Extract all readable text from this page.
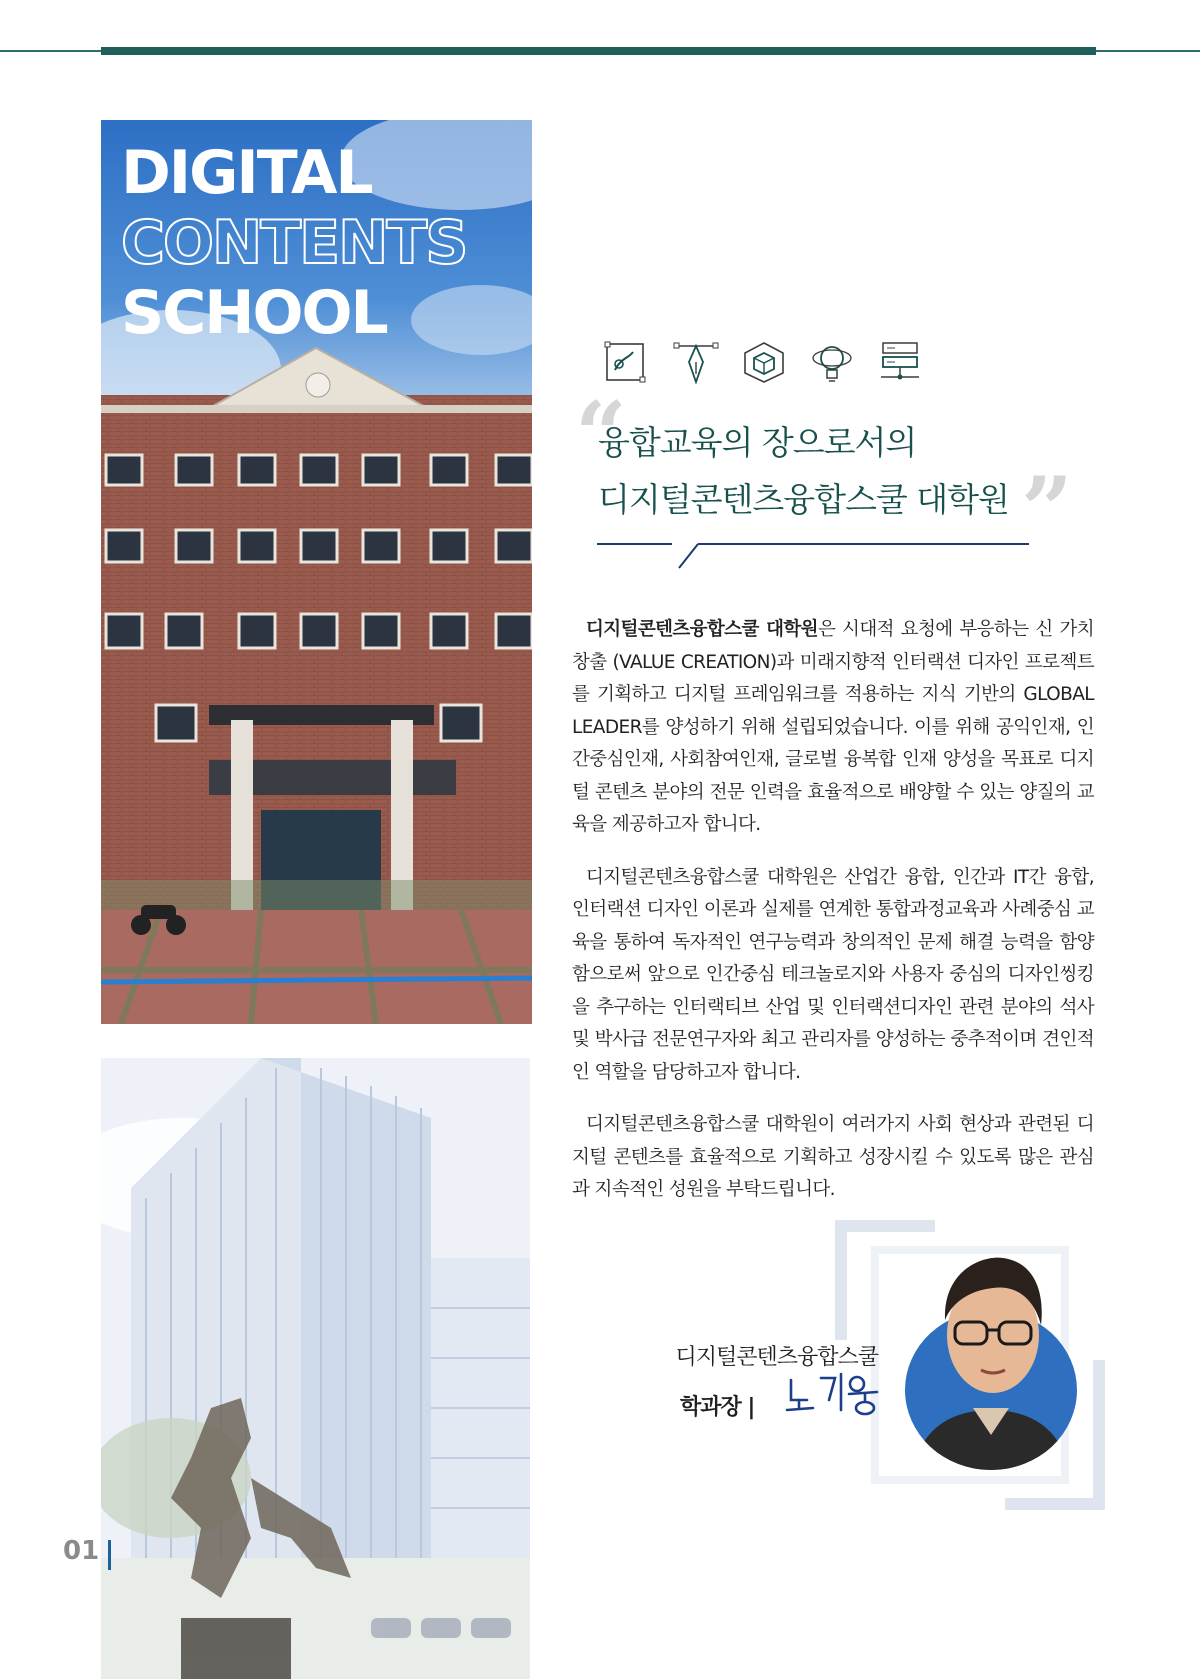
DIGITAL
CONTENTS
SCHOOL
01
“
융합교육의 장으로서의
디지털콘텐츠융합스쿨 대학원 ”

디지털콘텐츠융합스쿨 대학원은 시대적 요청에 부응하는 신 가치 창출 (VALUE CREATION)과 미래지향적 인터랙션 디자인 프로젝트를 기획하고 디지털 프레임워크를 적용하는 지식 기반의 GLOBAL LEADER를 양성하기 위해 설립되었습니다. 이를 위해 공익인재, 인간중심인재, 사회참여인재, 글로벌 융복합 인재 양성을 목표로 디지털 콘텐츠 분야의 전문 인력을 효율적으로 배양할 수 있는 양질의 교육을 제공하고자 합니다.

디지털콘텐츠융합스쿨 대학원은 산업간 융합, 인간과 IT간 융합, 인터랙션 디자인 이론과 실제를 연계한 통합과정교육과 사례중심 교육을 통하여 독자적인 연구능력과 창의적인 문제 해결 능력을 함양함으로써 앞으로 인간중심 테크놀로지와 사용자 중심의 디자인씽킹을 추구하는 인터랙티브 산업 및 인터랙션디자인 관련 분야의 석사 및 박사급 전문연구자와 최고 관리자를 양성하는 중추적이며 견인적인 역할을 담당하고자 합니다.

디지털콘텐츠융합스쿨 대학원이 여러가지 사회 현상과 관련된 디지털 콘텐츠를 효율적으로 기획하고 성장시킬 수 있도록 많은 관심과 지속적인 성원을 부탁드립니다.

디지털콘텐츠융합스쿨
학과장 |
